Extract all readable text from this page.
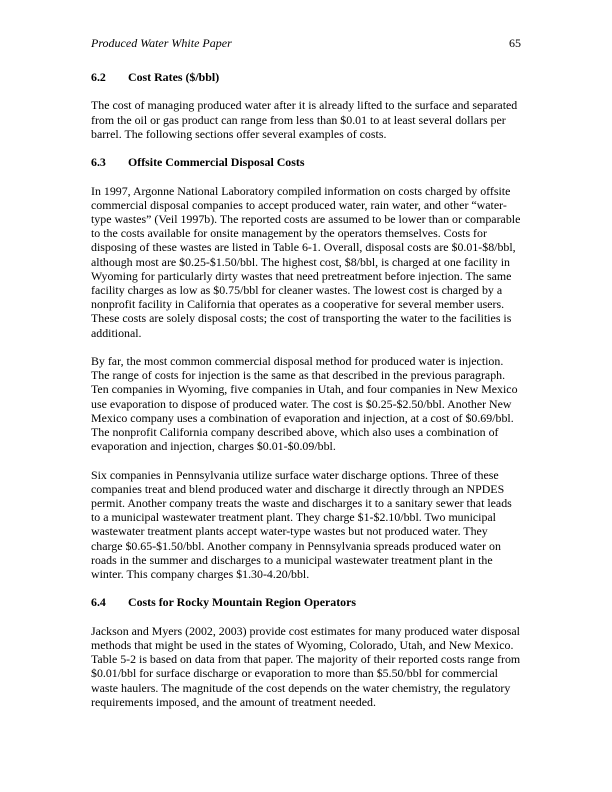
Produced Water White Paper	65
6.2	Cost Rates ($/bbl)

The cost of managing produced water after it is already lifted to the surface and separated from the oil or gas product can range from less than $0.01 to at least several dollars per barrel. The following sections offer several examples of costs.

6.3	Offsite Commercial Disposal Costs

In 1997, Argonne National Laboratory compiled information on costs charged by offsite commercial disposal companies to accept produced water, rain water, and other “water-type wastes” (Veil 1997b). The reported costs are assumed to be lower than or comparable to the costs available for onsite management by the operators themselves. Costs for disposing of these wastes are listed in Table 6-1. Overall, disposal costs are $0.01-$8/bbl, although most are $0.25-$1.50/bbl. The highest cost, $8/bbl, is charged at one facility in Wyoming for particularly dirty wastes that need pretreatment before injection. The same facility charges as low as $0.75/bbl for cleaner wastes. The lowest cost is charged by a nonprofit facility in California that operates as a cooperative for several member users. These costs are solely disposal costs; the cost of transporting the water to the facilities is additional.

By far, the most common commercial disposal method for produced water is injection. The range of costs for injection is the same as that described in the previous paragraph. Ten companies in Wyoming, five companies in Utah, and four companies in New Mexico use evaporation to dispose of produced water. The cost is $0.25-$2.50/bbl. Another New Mexico company uses a combination of evaporation and injection, at a cost of $0.69/bbl. The nonprofit California company described above, which also uses a combination of evaporation and injection, charges $0.01-$0.09/bbl.

Six companies in Pennsylvania utilize surface water discharge options. Three of these companies treat and blend produced water and discharge it directly through an NPDES permit. Another company treats the waste and discharges it to a sanitary sewer that leads to a municipal wastewater treatment plant. They charge $1-$2.10/bbl. Two municipal wastewater treatment plants accept water-type wastes but not produced water. They charge $0.65-$1.50/bbl. Another company in Pennsylvania spreads produced water on roads in the summer and discharges to a municipal wastewater treatment plant in the winter. This company charges $1.30-4.20/bbl.

6.4	Costs for Rocky Mountain Region Operators

Jackson and Myers (2002, 2003) provide cost estimates for many produced water disposal methods that might be used in the states of Wyoming, Colorado, Utah, and New Mexico. Table 5-2 is based on data from that paper. The majority of their reported costs range from $0.01/bbl for surface discharge or evaporation to more than $5.50/bbl for commercial waste haulers. The magnitude of the cost depends on the water chemistry, the regulatory requirements imposed, and the amount of treatment needed.
